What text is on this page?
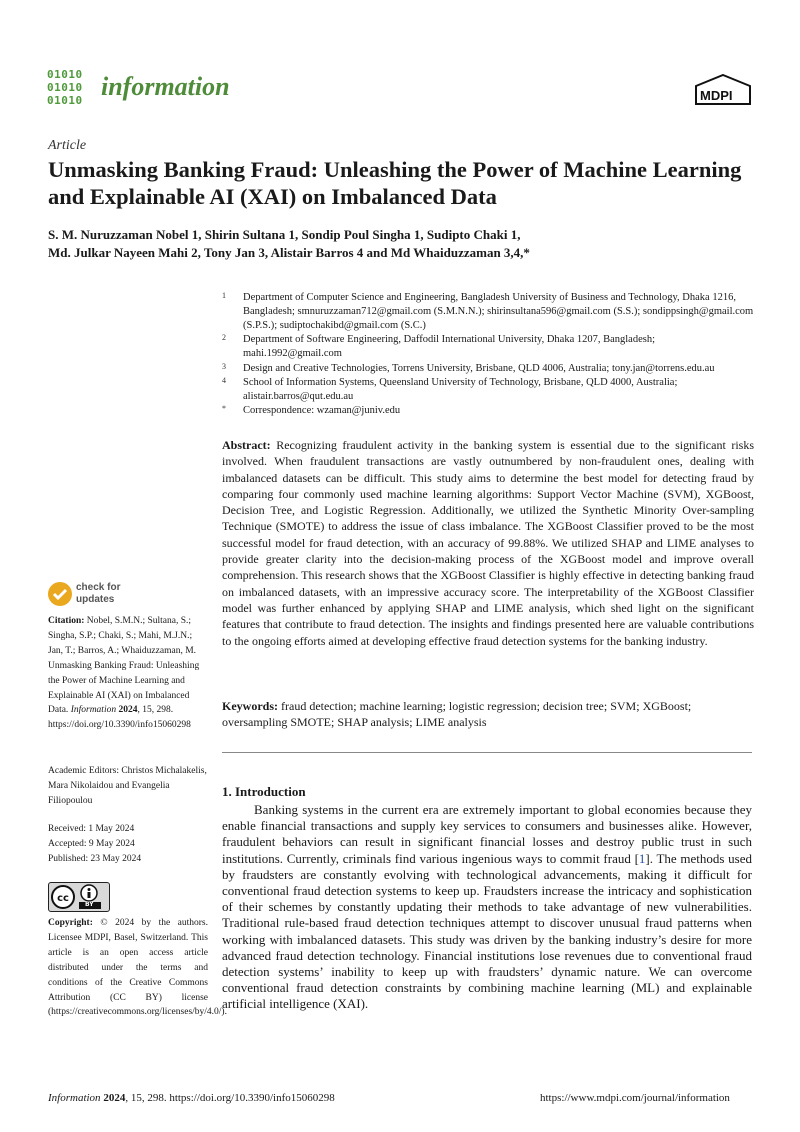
01010
01010
01010 information	MDPI
Article
Unmasking Banking Fraud: Unleashing the Power of Machine Learning and Explainable AI (XAI) on Imbalanced Data
S. M. Nuruzzaman Nobel 1, Shirin Sultana 1, Sondip Poul Singha 1, Sudipto Chaki 1,
Md. Julkar Nayeen Mahi 2, Tony Jan 3, Alistair Barros 4 and Md Whaiduzzaman 3,4,*
1 Department of Computer Science and Engineering, Bangladesh University of Business and Technology, Dhaka 1216, Bangladesh; smnuruzzaman712@gmail.com (S.M.N.N.); shirinsultana596@gmail.com (S.S.); sondippsingh@gmail.com (S.P.S.); sudiptochakibd@gmail.com (S.C.)
2 Department of Software Engineering, Daffodil International University, Dhaka 1207, Bangladesh; mahi.1992@gmail.com
3 Design and Creative Technologies, Torrens University, Brisbane, QLD 4006, Australia; tony.jan@torrens.edu.au
4 School of Information Systems, Queensland University of Technology, Brisbane, QLD 4000, Australia; alistair.barros@qut.edu.au
* Correspondence: wzaman@juniv.edu
Abstract: Recognizing fraudulent activity in the banking system is essential due to the significant risks involved. When fraudulent transactions are vastly outnumbered by non-fraudulent ones, dealing with imbalanced datasets can be difficult. This study aims to determine the best model for detecting fraud by comparing four commonly used machine learning algorithms: Support Vector Machine (SVM), XGBoost, Decision Tree, and Logistic Regression. Additionally, we utilized the Synthetic Minority Over-sampling Technique (SMOTE) to address the issue of class imbalance. The XGBoost Classifier proved to be the most successful model for fraud detection, with an accuracy of 99.88%. We utilized SHAP and LIME analyses to provide greater clarity into the decision-making process of the XGBoost model and improve overall comprehension. This research shows that the XGBoost Classifier is highly effective in detecting banking fraud on imbalanced datasets, with an impressive accuracy score. The interpretability of the XGBoost Classifier model was further enhanced by applying SHAP and LIME analysis, which shed light on the significant features that contribute to fraud detection. The insights and findings presented here are valuable contributions to the ongoing efforts aimed at developing effective fraud detection systems for the banking industry.
Keywords: fraud detection; machine learning; logistic regression; decision tree; SVM; XGBoost; oversampling SMOTE; SHAP analysis; LIME analysis
1. Introduction
Banking systems in the current era are extremely important to global economies because they enable financial transactions and supply key services to consumers and businesses alike. However, fraudulent behaviors can result in significant financial losses and destroy public trust in such institutions. Currently, criminals find various ingenious ways to commit fraud [1]. The methods used by fraudsters are constantly evolving with technological advancements, making it difficult for conventional fraud detection systems to keep up. Fraudsters increase the intricacy and sophistication of their schemes by constantly updating their methods to take advantage of new vulnerabilities. Traditional rule-based fraud detection techniques attempt to discover unusual fraud patterns when working with imbalanced datasets. This study was driven by the banking industry’s desire for more advanced fraud detection technology. Financial institutions lose revenues due to conventional fraud detection systems’ inability to keep up with fraudsters’ dynamic nature. We can overcome conventional fraud detection constraints by combining machine learning (ML) and explainable artificial intelligence (XAI).
check for
updates
Citation: Nobel, S.M.N.; Sultana, S.; Singha, S.P.; Chaki, S.; Mahi, M.J.N.; Jan, T.; Barros, A.; Whaiduzzaman, M. Unmasking Banking Fraud: Unleashing the Power of Machine Learning and Explainable AI (XAI) on Imbalanced Data. Information 2024, 15, 298. https://doi.org/10.3390/info15060298
Academic Editors: Christos Michalakelis, Mara Nikolaidou and Evangelia Filiopoulou
Received: 1 May 2024
Accepted: 9 May 2024
Published: 23 May 2024
cc
BY
Copyright: © 2024 by the authors. Licensee MDPI, Basel, Switzerland. This article is an open access article distributed under the terms and conditions of the Creative Commons Attribution (CC BY) license (https://creativecommons.org/licenses/by/4.0/).
Information 2024, 15, 298. https://doi.org/10.3390/info15060298	https://www.mdpi.com/journal/information
